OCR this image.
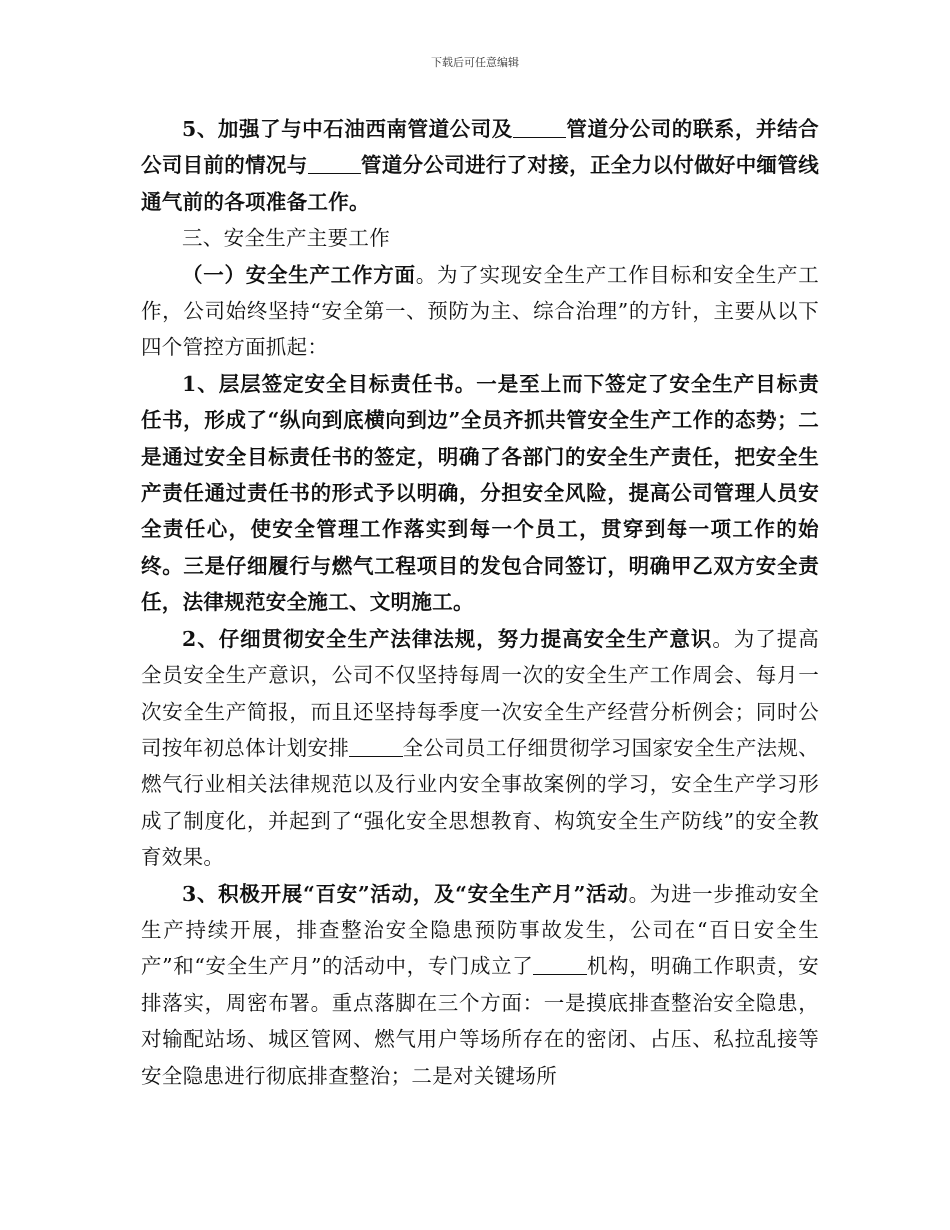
下载后可任意编辑

5、加强了与中石油西南管道公司及	管道分公司的联系，并结合公司目前的情况与	管道分公司进行了对接，正全力以付做好中缅管线通气前的各项准备工作。

三、安全生产主要工作

（一）安全生产工作方面。为了实现安全生产工作目标和安全生产工作，公司始终坚持“安全第一、预防为主、综合治理”的方针，主要从以下四个管控方面抓起：

1、层层签定安全目标责任书。一是至上而下签定了安全生产目标责任书，形成了“纵向到底横向到边”全员齐抓共管安全生产工作的态势；二是通过安全目标责任书的签定，明确了各部门的安全生产责任，把安全生产责任通过责任书的形式予以明确，分担安全风险，提高公司管理人员安全责任心，使安全管理工作落实到每一个员工，贯穿到每一项工作的始终。三是仔细履行与燃气工程项目的发包合同签订，明确甲乙双方安全责任，法律规范安全施工、文明施工。

2、仔细贯彻安全生产法律法规，努力提高安全生产意识。为了提高全员安全生产意识，公司不仅坚持每周一次的安全生产工作周会、每月一次安全生产简报，而且还坚持每季度一次安全生产经营分析例会；同时公司按年初总体计划安排	全公司员工仔细贯彻学习国家安全生产法规、燃气行业相关法律规范以及行业内安全事故案例的学习，安全生产学习形成了制度化，并起到了“强化安全思想教育、构筑安全生产防线”的安全教育效果。

3、积极开展“百安”活动，及“安全生产月”活动。为进一步推动安全生产持续开展，排查整治安全隐患预防事故发生，公司在“百日安全生产”和“安全生产月”的活动中，专门成立了	机构，明确工作职责，安排落实，周密布署。重点落脚在三个方面：一是摸底排查整治安全隐患，对输配站场、城区管网、燃气用户等场所存在的密闭、占压、私拉乱接等安全隐患进行彻底排查整治；二是对关键场所
